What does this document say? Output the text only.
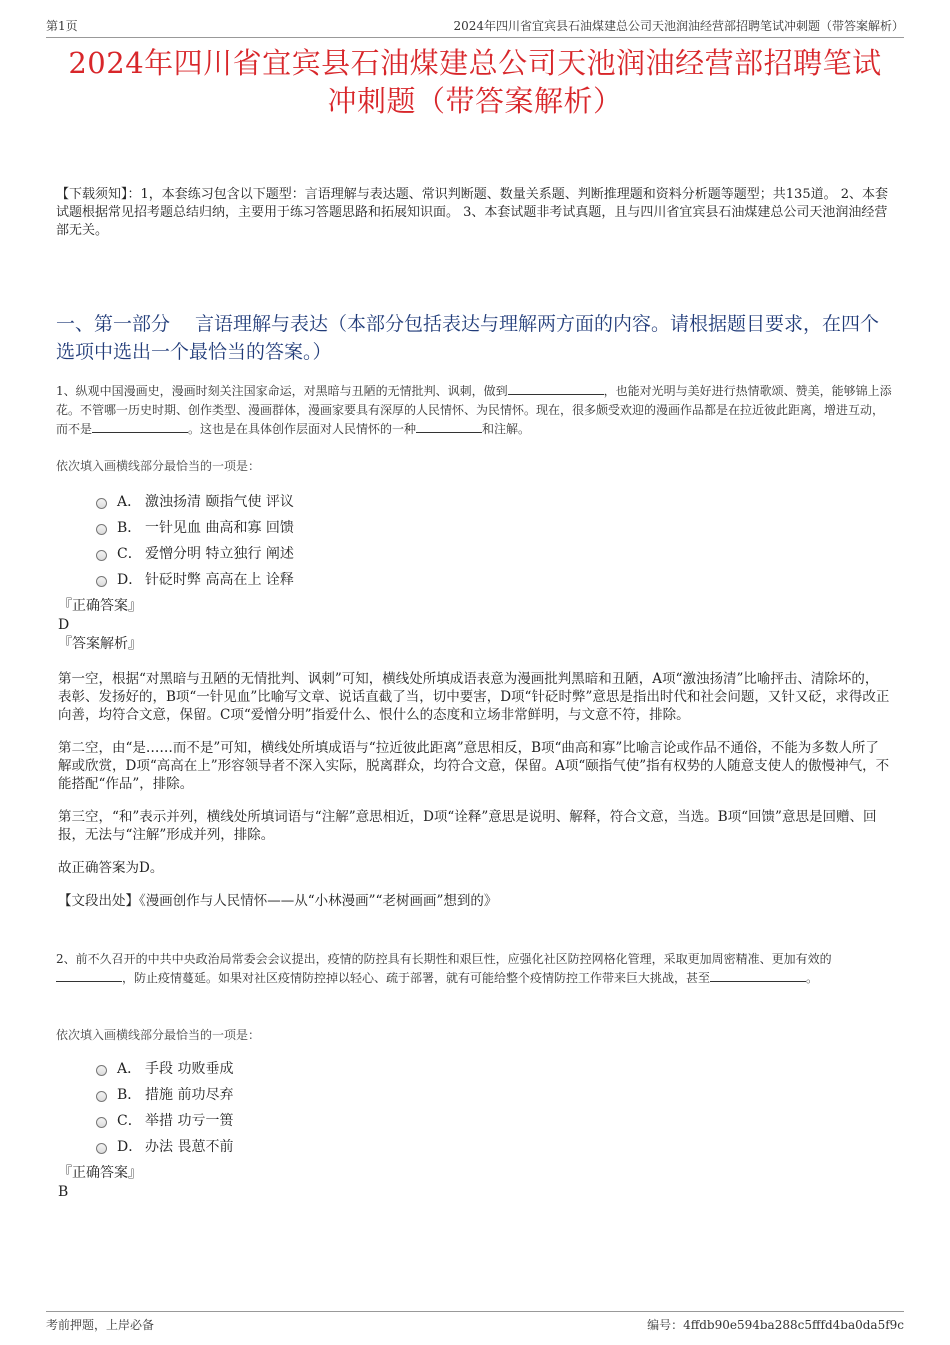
第1页	2024年四川省宜宾县石油煤建总公司天池润油经营部招聘笔试冲刺题（带答案解析）
2024年四川省宜宾县石油煤建总公司天池润油经营部招聘笔试
冲刺题（带答案解析）
【下载须知】：1，本套练习包含以下题型：言语理解与表达题、常识判断题、数量关系题、判断推理题和资料分析题等题型；共135道。 2、本套试题根据常见招考题总结归纳，主要用于练习答题思路和拓展知识面。 3、本套试题非考试真题，且与四川省宜宾县石油煤建总公司天池润油经营部无关。
一、第一部分　 言语理解与表达（本部分包括表达与理解两方面的内容。请根据题目要求，在四个选项中选出一个最恰当的答案。）
1、纵观中国漫画史，漫画时刻关注国家命运，对黑暗与丑陋的无情批判、讽刺，做到	，也能对光明与美好进行热情歌颂、赞美，能够锦上添花。不管哪一历史时期、创作类型、漫画群体，漫画家要具有深厚的人民情怀、为民情怀。现在，很多颇受欢迎的漫画作品都是在拉近彼此距离，增进互动，而不是	。这也是在具体创作层面对人民情怀的一种	和注解。
依次填入画横线部分最恰当的一项是：
A． 激浊扬清 颐指气使 评议
B． 一针见血 曲高和寡 回馈
C． 爱憎分明 特立独行 阐述
D． 针砭时弊 高高在上 诠释
『正确答案』
D
『答案解析』

第一空，根据“对黑暗与丑陋的无情批判、讽刺”可知，横线处所填成语表意为漫画批判黑暗和丑陋，A项“激浊扬清”比喻抨击、清除坏的，表彰、发扬好的，B项“一针见血”比喻写文章、说话直截了当，切中要害，D项“针砭时弊”意思是指出时代和社会问题，又针又砭，求得改正向善，均符合文意，保留。C项“爱憎分明”指爱什么、恨什么的态度和立场非常鲜明，与文意不符，排除。

第二空，由“是……而不是”可知，横线处所填成语与“拉近彼此距离”意思相反，B项“曲高和寡”比喻言论或作品不通俗，不能为多数人所了解或欣赏，D项“高高在上”形容领导者不深入实际，脱离群众，均符合文意，保留。A项“颐指气使”指有权势的人随意支使人的傲慢神气，不能搭配“作品”，排除。

第三空，“和”表示并列，横线处所填词语与“注解”意思相近，D项“诠释”意思是说明、解释，符合文意，当选。B项“回馈”意思是回赠、回报，无法与“注解”形成并列，排除。

故正确答案为D。

【文段出处】《漫画创作与人民情怀——从“小林漫画”“老树画画”想到的》

2、前不久召开的中共中央政治局常委会会议提出，疫情的防控具有长期性和艰巨性，应强化社区防控网格化管理，采取更加周密精准、更加有效的，防止疫情蔓延。如果对社区疫情防控掉以轻心、疏于部署，就有可能给整个疫情防控工作带来巨大挑战，甚至	。
依次填入画横线部分最恰当的一项是：
A． 手段 功败垂成
B． 措施 前功尽弃
C． 举措 功亏一篑
D． 办法 畏葸不前
『正确答案』
B
考前押题，上岸必备	编号：4ffdb90e594ba288c5fffd4ba0da5f9c
